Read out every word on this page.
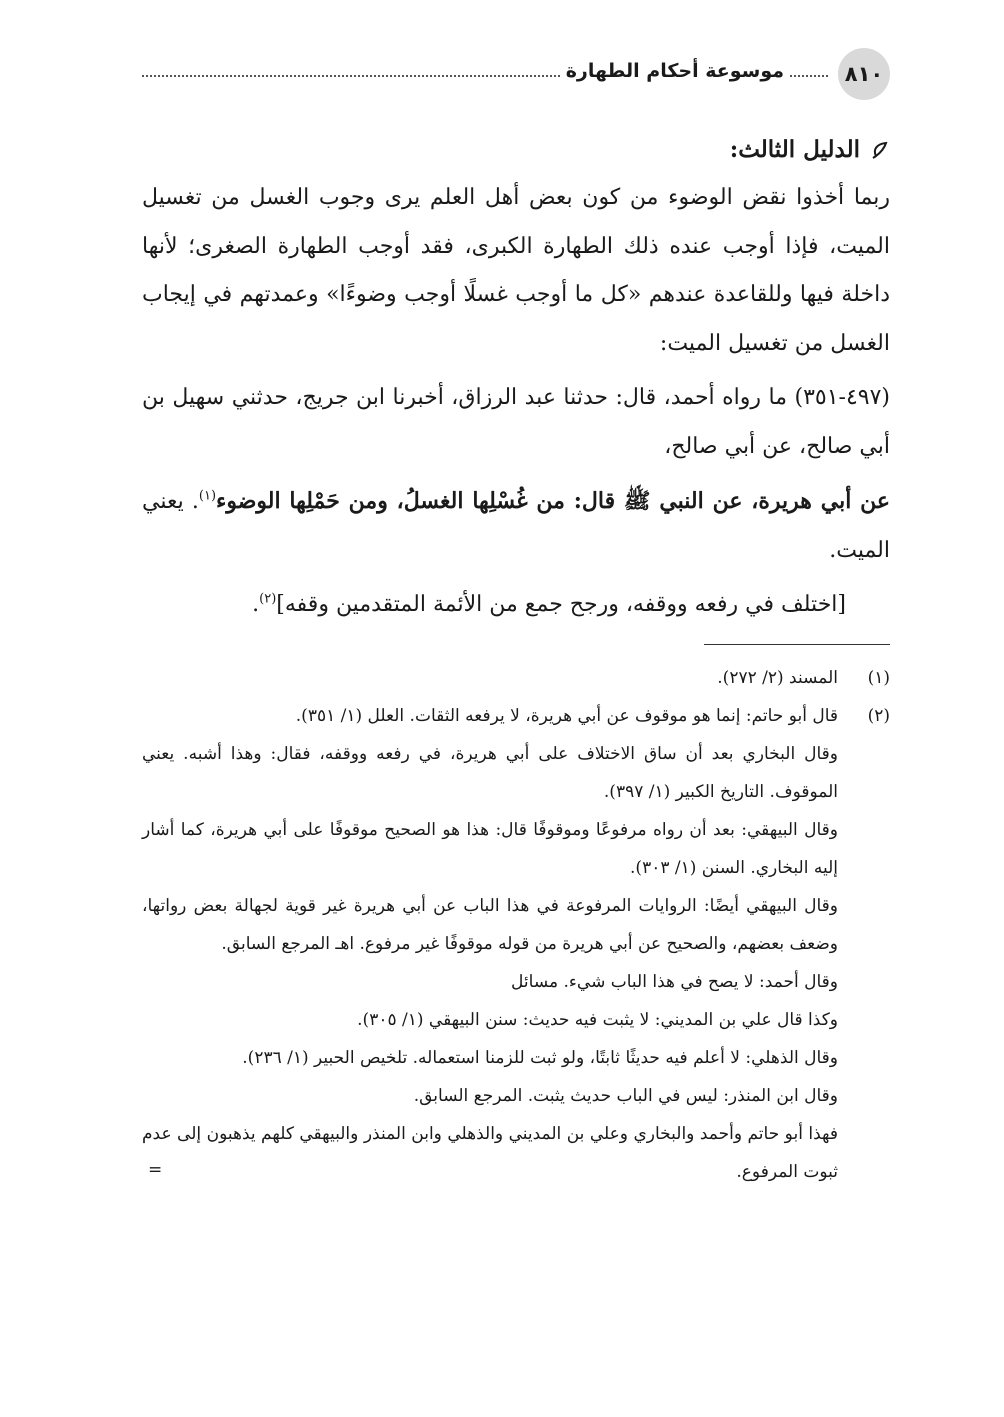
٨١٠
موسوعة أحكام الطهارة
الدليل الثالث:

ربما أخذوا نقض الوضوء من كون بعض أهل العلم يرى وجوب الغسل من تغسيل الميت، فإذا أوجب عنده ذلك الطهارة الكبرى، فقد أوجب الطهارة الصغرى؛ لأنها داخلة فيها وللقاعدة عندهم «كل ما أوجب غسلًا أوجب وضوءًا» وعمدتهم في إيجاب الغسل من تغسيل الميت:

(٤٩٧-٣٥١) ما رواه أحمد، قال: حدثنا عبد الرزاق، أخبرنا ابن جريج، حدثني سهيل بن أبي صالح، عن أبي صالح،

عن أبي هريرة، عن النبي ﷺ قال: من غُسْلِها الغسلُ، ومن حَمْلِها الوضوء$^{(١)}$. يعني الميت.

[اختلف في رفعه ووقفه، ورجح جمع من الأئمة المتقدمين وقفه]$^{(٢)}$.

(١)
المسند (٢/ ٢٧٢).

(٢)
قال أبو حاتم: إنما هو موقوف عن أبي هريرة، لا يرفعه الثقات. العلل (١/ ٣٥١).

وقال البخاري بعد أن ساق الاختلاف على أبي هريرة، في رفعه ووقفه، فقال: وهذا أشبه. يعني الموقوف. التاريخ الكبير (١/ ٣٩٧).

وقال البيهقي: بعد أن رواه مرفوعًا وموقوفًا قال: هذا هو الصحيح موقوفًا على أبي هريرة، كما أشار إليه البخاري. السنن (١/ ٣٠٣).

وقال البيهقي أيضًا: الروايات المرفوعة في هذا الباب عن أبي هريرة غير قوية لجهالة بعض رواتها، وضعف بعضهم، والصحيح عن أبي هريرة من قوله موقوفًا غير مرفوع. اهـ المرجع السابق.

وقال أحمد: لا يصح في هذا الباب شيء. مسائل

وكذا قال علي بن المديني: لا يثبت فيه حديث: سنن البيهقي (١/ ٣٠٥).

وقال الذهلي: لا أعلم فيه حديثًا ثابتًا، ولو ثبت للزمنا استعماله. تلخيص الحبير (١/ ٢٣٦).

وقال ابن المنذر: ليس في الباب حديث يثبت. المرجع السابق.

فهذا أبو حاتم وأحمد والبخاري وعلي بن المديني والذهلي وابن المنذر والبيهقي كلهم يذهبون إلى عدم ثبوت المرفوع.
=
